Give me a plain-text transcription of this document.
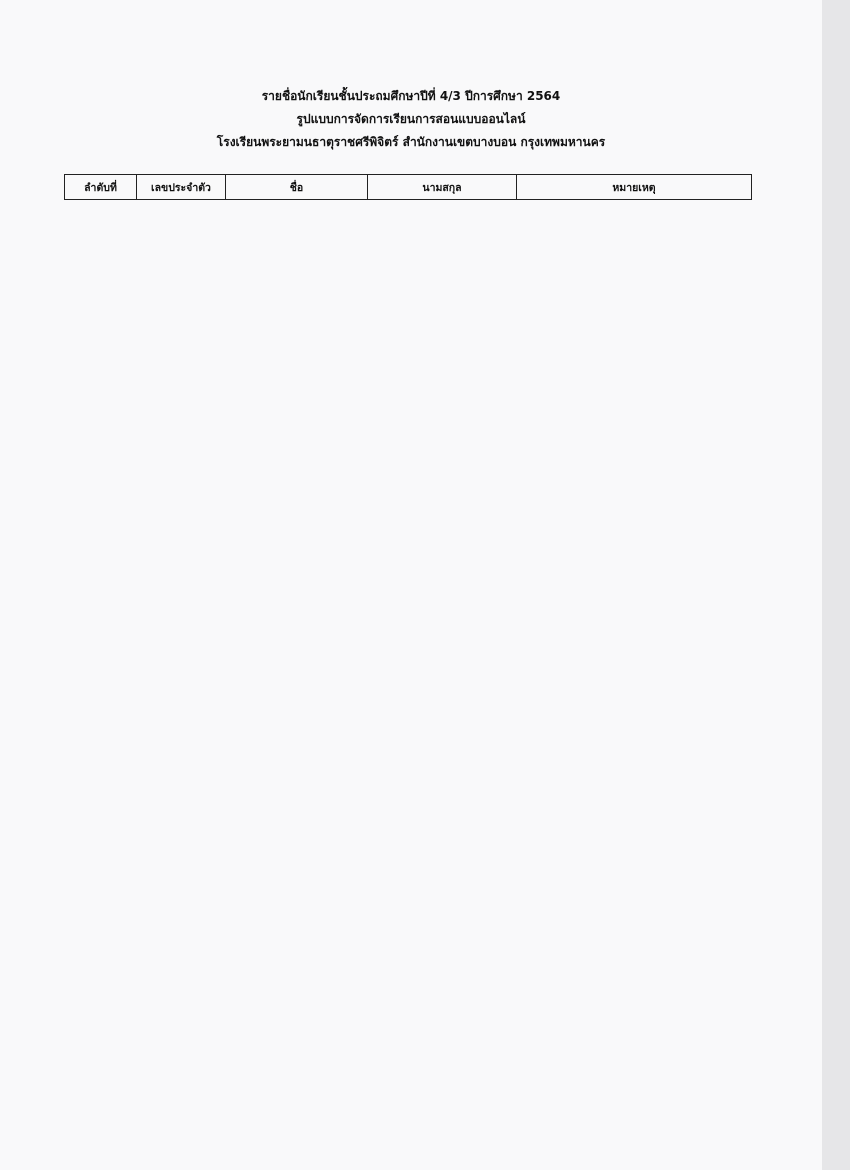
รายชื่อนักเรียนชั้นประถมศึกษาปีที่ 4/3 ปีการศึกษา 2564
รูปแบบการจัดการเรียนการสอนแบบออนไลน์
โรงเรียนพระยามนธาตุราชศรีพิจิตร์ สำนักงานเขตบางบอน กรุงเทพมหานคร
ลำดับที่	เลขประจำตัว	ชื่อ	นามสกุล	หมายเหตุ
